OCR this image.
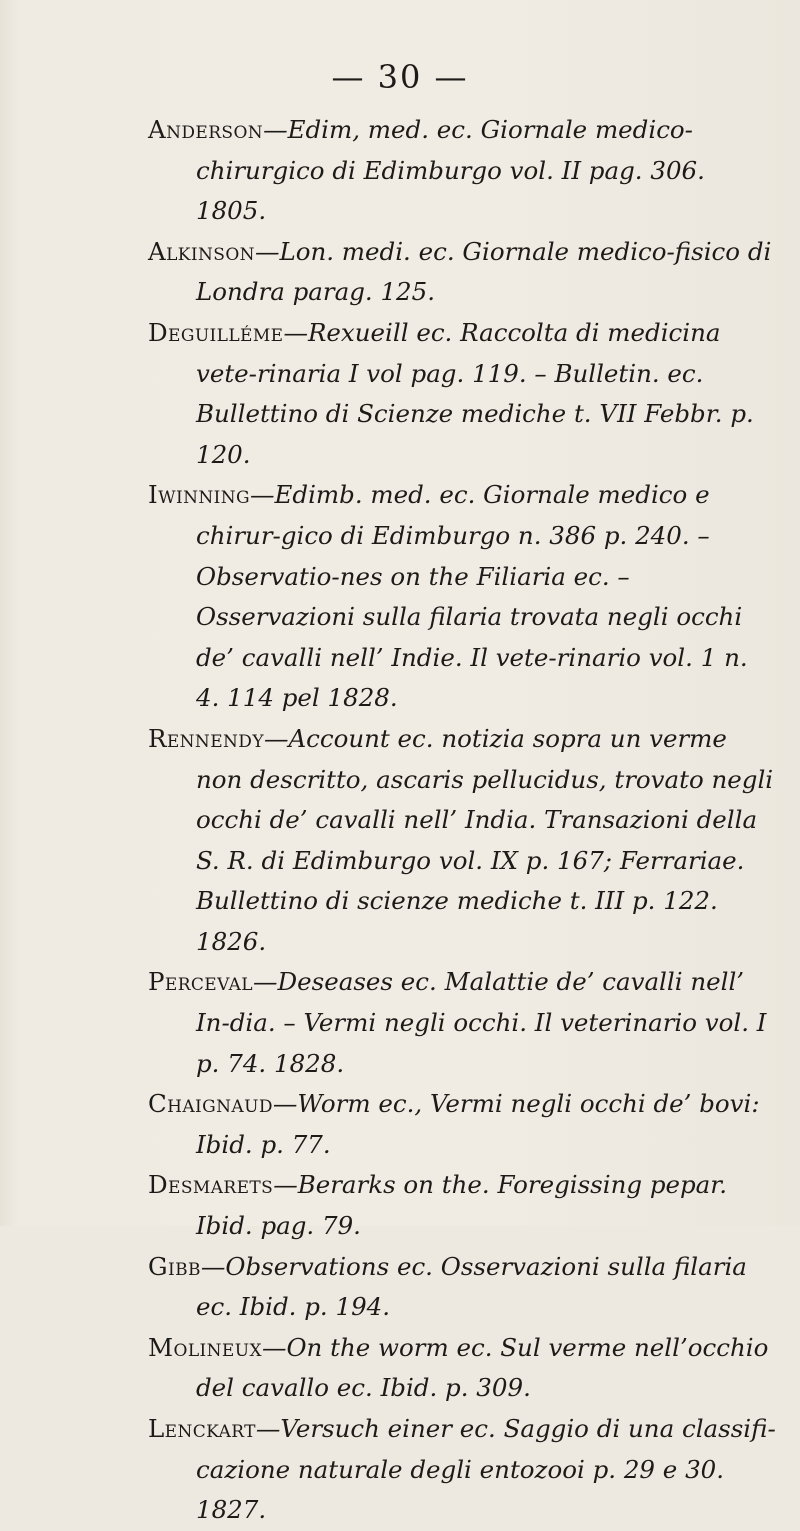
— 30 —

Anderson—Edim, med. ec. Giornale medico-chirurgico di Edimburgo vol. II pag. 306. 1805.

Alkinson—Lon. medi. ec. Giornale medico-fisico di Londra parag. 125.

Deguilléme—Rexueill ec. Raccolta di medicina vete-rinaria I vol pag. 119. – Bulletin. ec. Bullettino di Scienze mediche t. VII Febbr. p. 120.

Iwinning—Edimb. med. ec. Giornale medico e chirur-gico di Edimburgo n. 386 p. 240. – Observatio-nes on the Filiaria ec. – Osservazioni sulla filaria trovata negli occhi de’ cavalli nell’ Indie. Il vete-rinario vol. 1 n. 4. 114 pel 1828.

Rennendy—Account ec. notizia sopra un verme non descritto, ascaris pellucidus, trovato negli occhi de’ cavalli nell’ India. Transazioni della S. R. di Edimburgo vol. IX p. 167; Ferrariae. Bullettino di scienze mediche t. III p. 122. 1826.

Perceval—Deseases ec. Malattie de’ cavalli nell’ In-dia. – Vermi negli occhi. Il veterinario vol. I p. 74. 1828.

Chaignaud—Worm ec., Vermi negli occhi de’ bovi: Ibid. p. 77.

Desmarets—Berarks on the. Foregissing pepar. Ibid. pag. 79.

Gibb—Observations ec. Osservazioni sulla filaria ec. Ibid. p. 194.

Molineux—On the worm ec. Sul verme nell’occhio del cavallo ec. Ibid. p. 309.

Lenckart—Versuch einer ec. Saggio di una classifi-cazione naturale degli entozooi p. 29 e 30. 1827.
